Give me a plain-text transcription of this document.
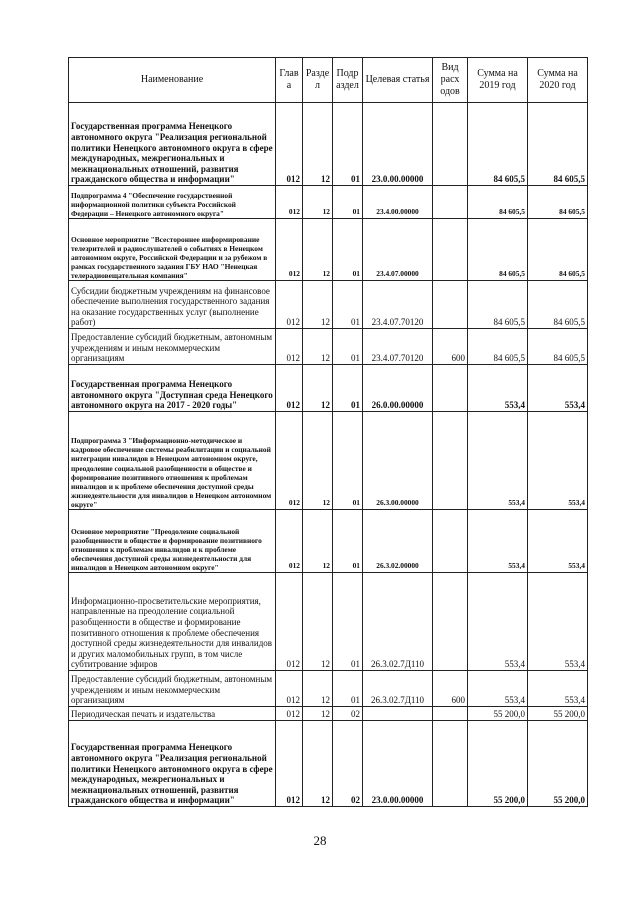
Наименование	Глав а	Разде л	Подр аздел	Целевая статья	Вид расх одов	Сумма на 2019 год	Сумма на 2020 год
Государственная программа Ненецкого автономного округа "Реализация региональной политики Ненецкого автономного округа в сфере международных, межрегиональных и межнациональных отношений, развития гражданского общества и информации"	012	12	01	23.0.00.00000		84 605,5	84 605,5
Подпрограмма 4 "Обеспечение государственной информационной политики субъекта Российской Федерации – Ненецкого автономного округа"	012	12	01	23.4.00.00000		84 605,5	84 605,5
Основное мероприятие "Всестороннее информирование телезрителей и радиослушателей о событиях в Ненецком автономном округе, Российской Федерации и за рубежом в рамках государственного задания ГБУ НАО "Ненецкая телерадиовещательная компания"	012	12	01	23.4.07.00000		84 605,5	84 605,5
Субсидии бюджетным учреждениям на финансовое обеспечение выполнения государственного задания на оказание государственных услуг (выполнение работ)	012	12	01	23.4.07.70120		84 605,5	84 605,5
Предоставление субсидий бюджетным, автономным учреждениям и иным некоммерческим организациям	012	12	01	23.4.07.70120	600	84 605,5	84 605,5
Государственная программа Ненецкого автономного округа "Доступная среда Ненецкого автономного округа на 2017 - 2020 годы"	012	12	01	26.0.00.00000		553,4	553,4
Подпрограмма 3 "Информационно-методическое и кадровое обеспечение системы реабилитации и социальной интеграции инвалидов в Ненецком автономном округе, преодоление социальной разобщенности в обществе и формирование позитивного отношения к проблемам инвалидов и к проблеме обеспечения доступной среды жизнедеятельности для инвалидов в Ненецком автономном округе"	012	12	01	26.3.00.00000		553,4	553,4
Основное мероприятие "Преодоление социальной разобщенности в обществе и формирование позитивного отношения к проблемам инвалидов и к проблеме обеспечения доступной среды жизнедеятельности для инвалидов в Ненецком автономном округе"	012	12	01	26.3.02.00000		553,4	553,4
Информационно-просветительские мероприятия, направленные на преодоление социальной разобщенности в обществе и формирование позитивного отношения к проблеме обеспечения доступной среды жизнедеятельности для инвалидов и других маломобильных групп, в том числе субтитрование эфиров	012	12	01	26.3.02.7Д110		553,4	553,4
Предоставление субсидий бюджетным, автономным учреждениям и иным некоммерческим организациям	012	12	01	26.3.02.7Д110	600	553,4	553,4
Периодическая печать и издательства	012	12	02			55 200,0	55 200,0
Государственная программа Ненецкого автономного округа "Реализация региональной политики Ненецкого автономного округа в сфере международных, межрегиональных и межнациональных отношений, развития гражданского общества и информации"	012	12	02	23.0.00.00000		55 200,0	55 200,0
28
